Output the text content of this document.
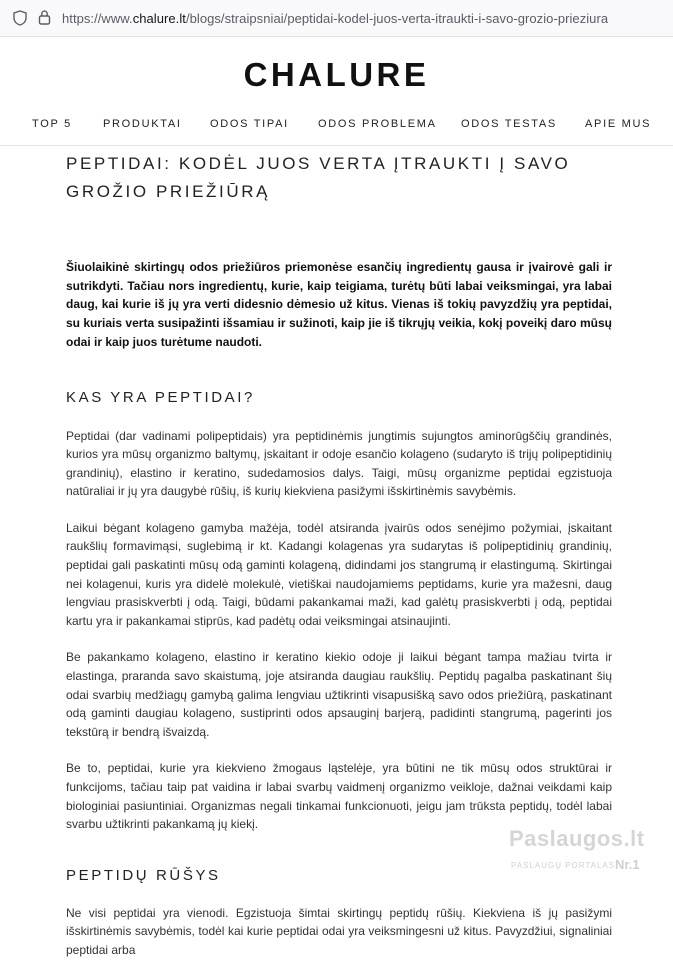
https://www.chalure.lt/blogs/straipsniai/peptidai-kodel-juos-verta-itraukti-i-savo-grozio-prieziura
CHALURE
TOP 5	PRODUKTAI	ODOS TIPAI	ODOS PROBLEMA ODOS TESTAS	APIE MUS
PEPTIDAI: KODĖL JUOS VERTA ĮTRAUKTI Į SAVO
GROŽIO PRIEŽIŪRĄ

Šiuolaikinė skirtingų odos priežiūros priemonėse esančių ingredientų gausa ir įvairovė gali ir sutrikdyti. Tačiau nors ingredientų, kurie, kaip teigiama, turėtų būti labai veiksmingai, yra labai daug, kai kurie iš jų yra verti didesnio dėmesio už kitus. Vienas iš tokių pavyzdžių yra peptidai, su kuriais verta susipažinti išsamiau ir sužinoti, kaip jie iš tikrųjų veikia, kokį poveikį daro mūsų odai ir kaip juos turėtume naudoti.

KAS YRA PEPTIDAI?

Peptidai (dar vadinami polipeptidais) yra peptidinėmis jungtimis sujungtos aminorūgščių grandinės, kurios yra mūsų organizmo baltymų, įskaitant ir odoje esančio kolageno (sudaryto iš trijų polipeptidinių grandinių), elastino ir keratino, sudedamosios dalys. Taigi, mūsų organizme peptidai egzistuoja natūraliai ir jų yra daugybė rūšių, iš kurių kiekviena pasižymi išskirtinėmis savybėmis.

Laikui bėgant kolageno gamyba mažėja, todėl atsiranda įvairūs odos senėjimo požymiai, įskaitant raukšlių formavimąsi, suglebimą ir kt. Kadangi kolagenas yra sudarytas iš polipeptidinių grandinių, peptidai gali paskatinti mūsų odą gaminti kolageną, didindami jos stangrumą ir elastingumą. Skirtingai nei kolagenui, kuris yra didelė molekulė, vietiškai naudojamiems peptidams, kurie yra mažesni, daug lengviau prasiskverbti į odą. Taigi, būdami pakankamai maži, kad galėtų prasiskverbti į odą, peptidai kartu yra ir pakankamai stiprūs, kad padėtų odai veiksmingai atsinaujinti.

Be pakankamo kolageno, elastino ir keratino kiekio odoje ji laikui bėgant tampa mažiau tvirta ir elastinga, praranda savo skaistumą, joje atsiranda daugiau raukšlių. Peptidų pagalba paskatinant šių odai svarbių medžiagų gamybą galima lengviau užtikrinti visapusišką savo odos priežiūrą, paskatinant odą gaminti daugiau kolageno, sustiprinti odos apsauginį barjerą, padidinti stangrumą, pagerinti jos tekstūrą ir bendrą išvaizdą.

Be to, peptidai, kurie yra kiekvieno žmogaus ląstelėje, yra būtini ne tik mūsų odos struktūrai ir funkcijoms, tačiau taip pat vaidina ir labai svarbų vaidmenį organizmo veikloje, dažnai veikdami kaip biologiniai pasiuntiniai. Organizmas negali tinkamai funkcionuoti, jeigu jam trūksta peptidų, todėl labai svarbu užtikrinti pakankamą jų kiekį.

PEPTIDŲ RŪŠYS

Ne visi peptidai yra vienodi. Egzistuoja šimtai skirtingų peptidų rūšių. Kiekviena iš jų pasižymi išskirtinėmis savybėmis, todėl kai kurie peptidai odai yra veiksmingesni už kitus. Pavyzdžiui, signaliniai peptidai arba

Paslaugos.lt
PASLAUGŲ PORTALAS Nr.1
